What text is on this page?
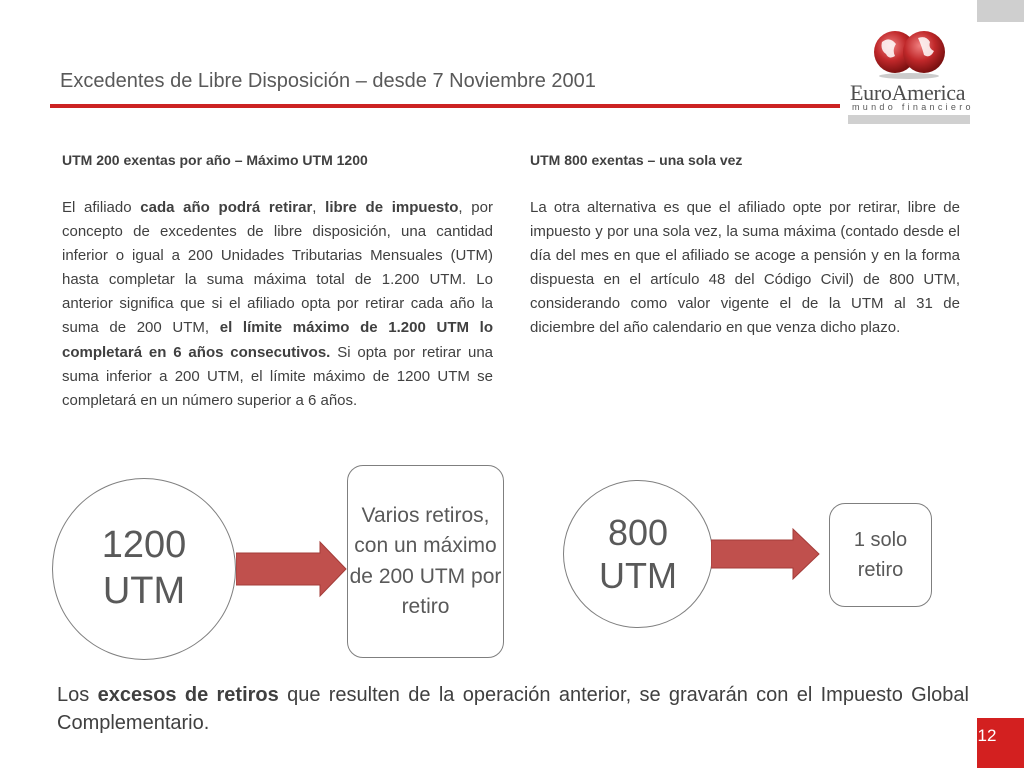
Excedentes de Libre Disposición – desde 7 Noviembre 2001	EuroAmerica
mundo financiero
UTM 200 exentas por año – Máximo UTM 1200	UTM 800 exentas – una sola vez
El afiliado cada año podrá retirar, libre de impuesto, por concepto de excedentes de libre disposición, una cantidad inferior o igual a 200 Unidades Tributarias Mensuales (UTM) hasta completar la suma máxima total de 1.200 UTM. Lo anterior significa que si el afiliado opta por retirar cada año la suma de 200 UTM, el límite máximo de 1.200 UTM lo completará en 6 años consecutivos. Si opta por retirar una suma inferior a 200 UTM, el límite máximo de 1200 UTM se completará en un número superior a 6 años.
La otra alternativa es que el afiliado opte por retirar, libre de impuesto y por una sola vez, la suma máxima (contado desde el día del mes en que el afiliado se acoge a pensión y en la forma dispuesta en el artículo 48 del Código Civil) de 800 UTM, considerando como valor vigente el de la UTM al 31 de diciembre del año calendario en que venza dicho plazo.
1200
UTM
Varios retiros, con un máximo de 200 UTM por retiro
800
UTM
1 solo retiro
Los excesos de retiros que resulten de la operación anterior, se gravarán con el Impuesto Global Complementario.
12
